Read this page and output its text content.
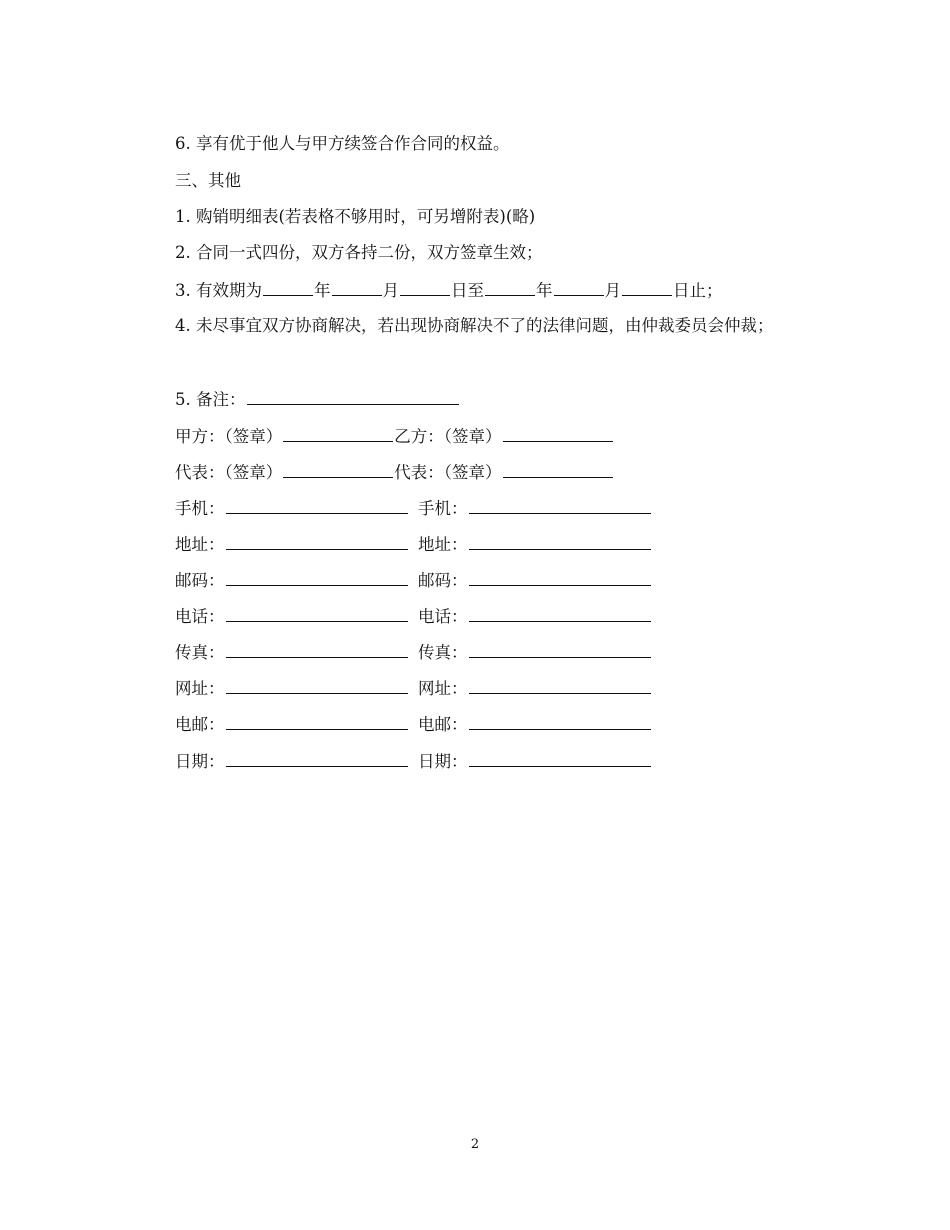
6. 享有优于他人与甲方续签合作合同的权益。
三、其他
1. 购销明细表(若表格不够用时，可另增附表)(略)
2. 合同一式四份，双方各持二份，双方签章生效；
3. 有效期为	年	月	日至	年	月	日止；
4. 未尽事宜双方协商解决，若出现协商解决不了的法律问题，由仲裁委员会仲裁；
5. 备注：
甲方：（签章）	乙方：（签章）
代表：（签章）	代表：（签章）
手机：	手机：
地址：	地址：
邮码：	邮码：
电话：	电话：
传真：	传真：
网址：	网址：
电邮：	电邮：
日期：	日期：
2
